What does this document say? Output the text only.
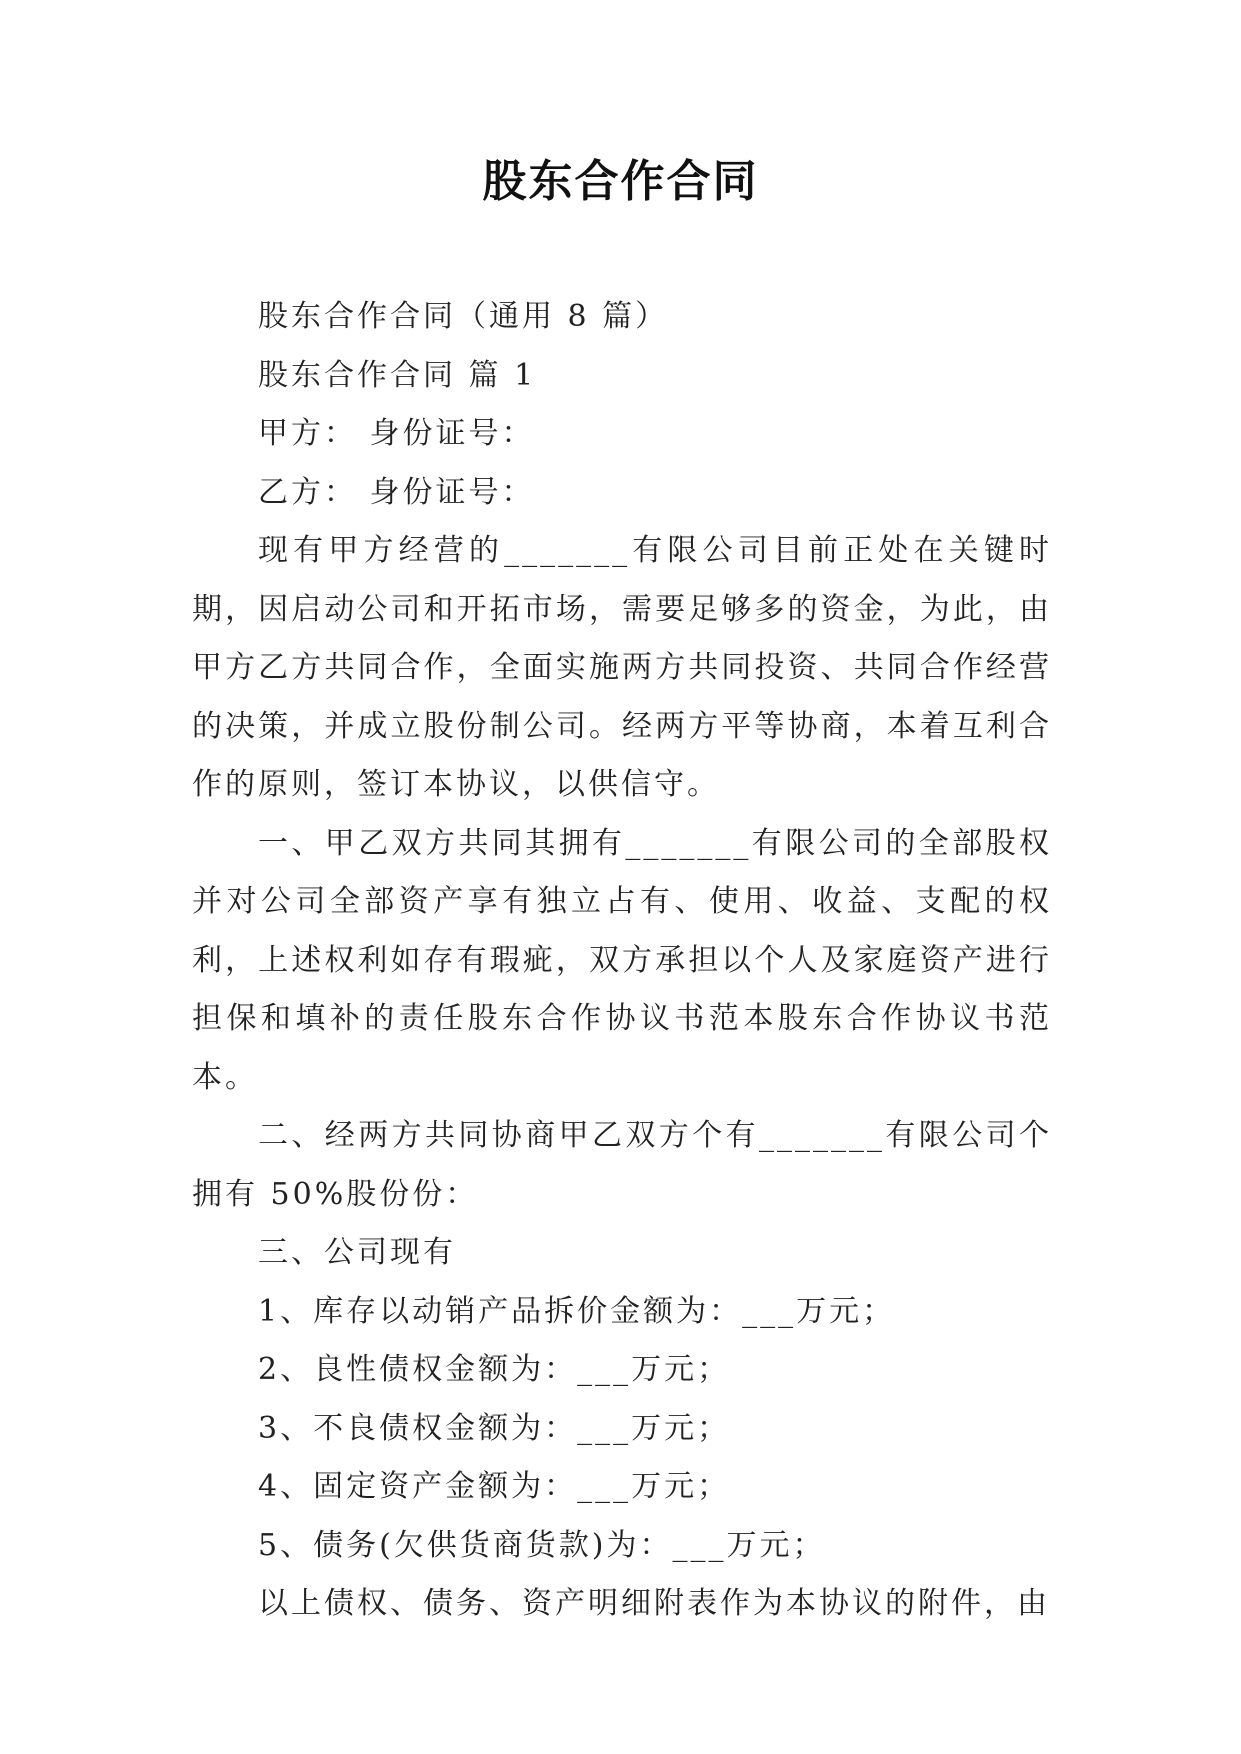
股东合作合同

股东合作合同（通用 8 篇）

股东合作合同 篇 1

甲方： 身份证号：

乙方： 身份证号：

现有甲方经营的_______有限公司目前正处在关键时期，因启动公司和开拓市场，需要足够多的资金，为此，由甲方乙方共同合作，全面实施两方共同投资、共同合作经营的决策，并成立股份制公司。经两方平等协商，本着互利合作的原则，签订本协议，以供信守。

一、甲乙双方共同其拥有_______有限公司的全部股权并对公司全部资产享有独立占有、使用、收益、支配的权利，上述权利如存有瑕疵，双方承担以个人及家庭资产进行担保和填补的责任股东合作协议书范本股东合作协议书范本。

二、经两方共同协商甲乙双方个有_______有限公司个拥有 50%股份份：

三、公司现有

1、库存以动销产品拆价金额为：___万元；

2、良性债权金额为：___万元；

3、不良债权金额为：___万元；

4、固定资产金额为：___万元；

5、债务(欠供货商货款)为：___万元；

以上债权、债务、资产明细附表作为本协议的附件，由
